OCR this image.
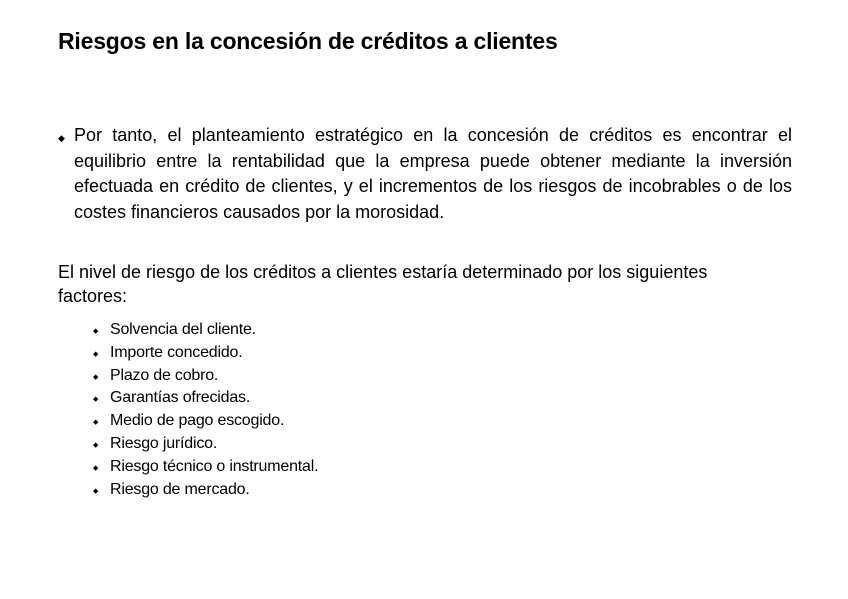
Riesgos en la concesión de créditos a clientes
◆ Por tanto, el planteamiento estratégico en la concesión de créditos es encontrar el equilibrio entre la rentabilidad que la empresa puede obtener mediante la inversión efectuada en crédito de clientes, y el incrementos de los riesgos de incobrables o de los costes financieros causados por la morosidad.

El nivel de riesgo de los créditos a clientes estaría determinado por los siguientes factores:

◆ Solvencia del cliente.
◆ Importe concedido.
◆ Plazo de cobro.
◆ Garantías ofrecidas.
◆ Medio de pago escogido.
◆ Riesgo jurídico.
◆ Riesgo técnico o instrumental.
◆ Riesgo de mercado.
